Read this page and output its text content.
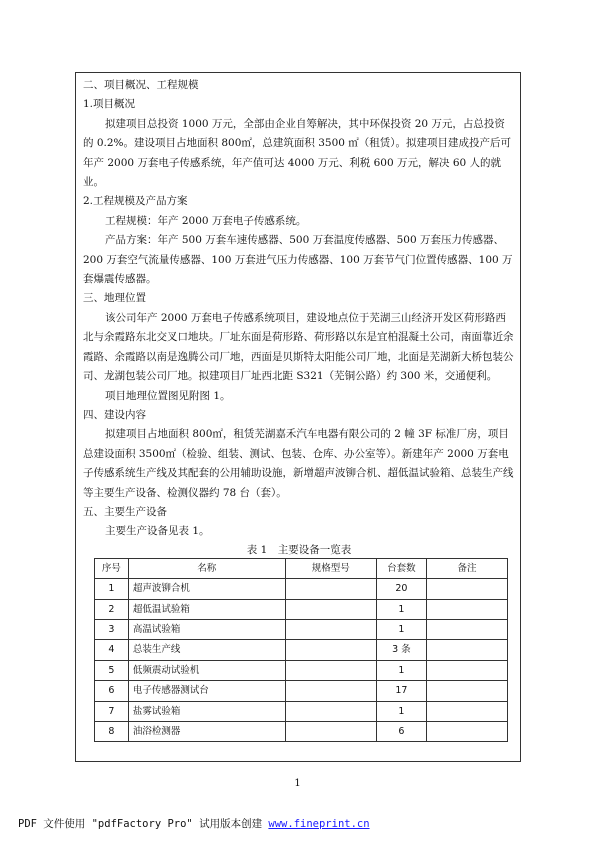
二、项目概况、工程规模

1.项目概况

拟建项目总投资 1000 万元，全部由企业自筹解决，其中环保投资 20 万元，占总投资的 0.2%。建设项目占地面积 800㎡，总建筑面积 3500 ㎡（租赁）。拟建项目建成投产后可年产 2000 万套电子传感系统，年产值可达 4000 万元、利税 600 万元，解决 60 人的就业。

2.工程规模及产品方案

工程规模：年产 2000 万套电子传感系统。

产品方案：年产 500 万套车速传感器、500 万套温度传感器、500 万套压力传感器、200 万套空气流量传感器、100 万套进气压力传感器、100 万套节气门位置传感器、100 万套爆震传感器。

三、地理位置

该公司年产 2000 万套电子传感系统项目，建设地点位于芜湖三山经济开发区荷形路西北与余霞路东北交叉口地块。厂址东面是荷形路、荷形路以东是宜柏混凝土公司，南面靠近余霞路、余霞路以南是逸腾公司厂地，西面是贝斯特太阳能公司厂地，北面是芜湖新大桥包装公司、龙湖包装公司厂地。拟建项目厂址西北距 S321（芜铜公路）约 300 米，交通便利。

项目地理位置图见附图 1。

四、建设内容

拟建项目占地面积 800㎡，租赁芜湖嘉禾汽车电器有限公司的 2 幢 3F 标准厂房，项目总建设面积 3500㎡（检验、组装、测试、包装、仓库、办公室等）。新建年产 2000 万套电子传感系统生产线及其配套的公用辅助设施，新增超声波铆合机、超低温试验箱、总装生产线等主要生产设备、检测仪器约 78 台（套）。

五、主要生产设备

主要生产设备见表 1。

表 1　主要设备一览表

序号	名称	规格型号	台套数	备注
1	超声波铆合机		20	
2	超低温试验箱		1	
3	高温试验箱		1	
4	总装生产线		3 条	
5	低频震动试验机		1	
6	电子传感器测试台		17	
7	盐雾试验箱		1	
8	油浴检测器		6	
1
PDF 文件使用 "pdfFactory Pro" 试用版本创建 www.fineprint.cn
